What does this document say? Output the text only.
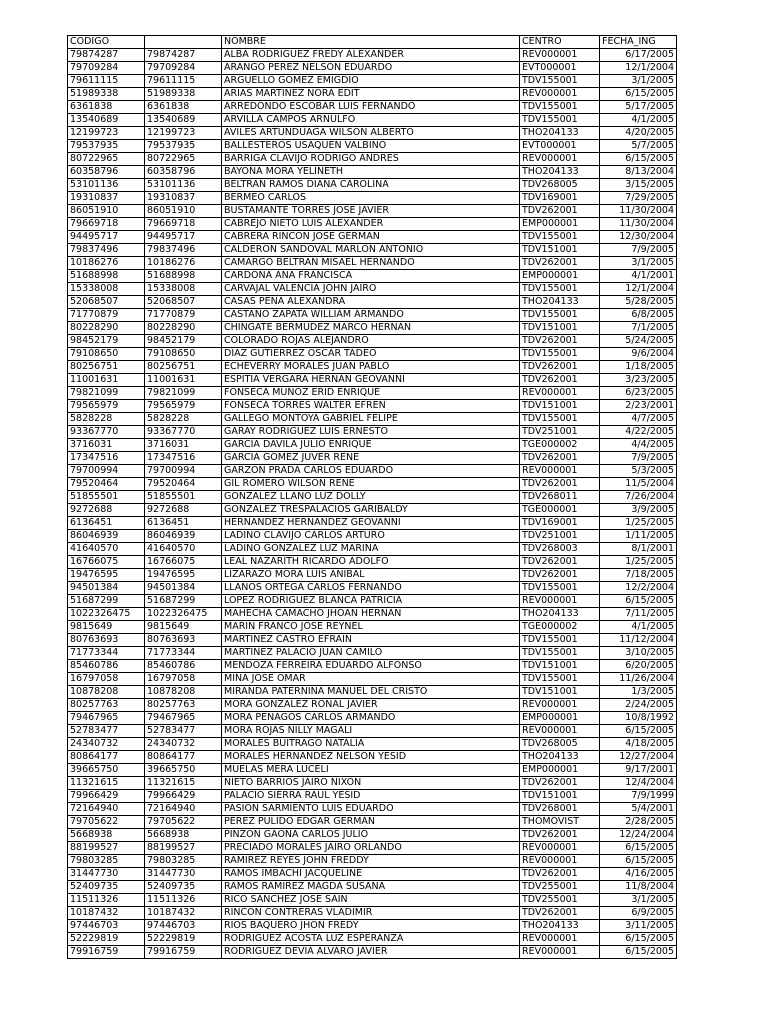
CODIGO		NOMBRE	CENTRO	FECHA_ING
79874287	79874287	ALBA RODRIGUEZ FREDY ALEXANDER	REV000001	6/17/2005
79709284	79709284	ARANGO PEREZ NELSON EDUARDO	EVT000001	12/1/2004
79611115	79611115	ARGUELLO GOMEZ EMIGDIO	TDV155001	3/1/2005
51989338	51989338	ARIAS MARTINEZ NORA EDIT	REV000001	6/15/2005
6361838	6361838	ARREDONDO ESCOBAR LUIS FERNANDO	TDV155001	5/17/2005
13540689	13540689	ARVILLA CAMPOS ARNULFO	TDV155001	4/1/2005
12199723	12199723	AVILES ARTUNDUAGA WILSON ALBERTO	THO204133	4/20/2005
79537935	79537935	BALLESTEROS USAQUEN VALBINO	EVT000001	5/7/2005
80722965	80722965	BARRIGA CLAVIJO RODRIGO ANDRES	REV000001	6/15/2005
60358796	60358796	BAYONA MORA YELINETH	THO204133	8/13/2004
53101136	53101136	BELTRAN RAMOS DIANA CAROLINA	TDV268005	3/15/2005
19310837	19310837	BERMEO CARLOS	TDV169001	7/29/2005
86051910	86051910	BUSTAMANTE TORRES JOSE JAVIER	TDV262001	11/30/2004
79669718	79669718	CABREJO NIETO LUIS ALEXANDER	EMP000001	11/30/2004
94495717	94495717	CABRERA RINCON JOSE GERMAN	TDV155001	12/30/2004
79837496	79837496	CALDERON SANDOVAL MARLON ANTONIO	TDV151001	7/9/2005
10186276	10186276	CAMARGO BELTRAN MISAEL HERNANDO	TDV262001	3/1/2005
51688998	51688998	CARDONA ANA FRANCISCA	EMP000001	4/1/2001
15338008	15338008	CARVAJAL VALENCIA JOHN JAIRO	TDV155001	12/1/2004
52068507	52068507	CASAS PEÑA ALEXANDRA	THO204133	5/28/2005
71770879	71770879	CASTAÑO ZAPATA WILLIAM ARMANDO	TDV155001	6/8/2005
80228290	80228290	CHINGATE BERMUDEZ MARCO HERNAN	TDV151001	7/1/2005
98452179	98452179	COLORADO ROJAS ALEJANDRO	TDV262001	5/24/2005
79108650	79108650	DIAZ GUTIERREZ OSCAR TADEO	TDV155001	9/6/2004
80256751	80256751	ECHEVERRY MORALES JUAN PABLO	TDV262001	1/18/2005
11001631	11001631	ESPITIA VERGARA HERNAN GEOVANNI	TDV262001	3/23/2005
79821099	79821099	FONSECA MUÑOZ ERID ENRIQUE	REV000001	6/23/2005
79565979	79565979	FONSECA TORRES WALTER EFREN	TDV151001	2/23/2001
5828228	5828228	GALLEGO MONTOYA GABRIEL FELIPE	TDV155001	4/7/2005
93367770	93367770	GARAY RODRIGUEZ LUIS ERNESTO	TDV251001	4/22/2005
3716031	3716031	GARCIA DAVILA JULIO ENRIQUE	TGE000002	4/4/2005
17347516	17347516	GARCIA GOMEZ JUVER RENE	TDV262001	7/9/2005
79700994	79700994	GARZON PRADA CARLOS EDUARDO	REV000001	5/3/2005
79520464	79520464	GIL ROMERO WILSON RENE	TDV262001	11/5/2004
51855501	51855501	GONZALEZ LLANO LUZ DOLLY	TDV268011	7/26/2004
9272688	9272688	GONZALEZ TRESPALACIOS GARIBALDY	TGE000001	3/9/2005
6136451	6136451	HERNANDEZ HERNANDEZ GEOVANNI	TDV169001	1/25/2005
86046939	86046939	LADINO CLAVIJO CARLOS ARTURO	TDV251001	1/11/2005
41640570	41640570	LADINO GONZALEZ LUZ MARINA	TDV268003	8/1/2001
16766075	16766075	LEAL NAZARITH RICARDO ADOLFO	TDV262001	1/25/2005
19476595	19476595	LIZARAZO MORA LUIS ANIBAL	TDV262001	7/18/2005
94501384	94501384	LLANOS ORTEGA CARLOS FERNANDO	TDV155001	12/2/2004
51687299	51687299	LOPEZ RODRIGUEZ BLANCA PATRICIA	REV000001	6/15/2005
1022326475	1022326475	MAHECHA CAMACHO JHOAN HERNAN	THO204133	7/11/2005
9815649	9815649	MARIN FRANCO JOSE REYNEL	TGE000002	4/1/2005
80763693	80763693	MARTINEZ CASTRO EFRAIN	TDV155001	11/12/2004
71773344	71773344	MARTINEZ PALACIO JUAN CAMILO	TDV155001	3/10/2005
85460786	85460786	MENDOZA FERREIRA EDUARDO ALFONSO	TDV151001	6/20/2005
16797058	16797058	MINA JOSE OMAR	TDV155001	11/26/2004
10878208	10878208	MIRANDA PATERNINA MANUEL DEL CRISTO	TDV151001	1/3/2005
80257763	80257763	MORA GONZALEZ RONAL JAVIER	REV000001	2/24/2005
79467965	79467965	MORA PENAGOS CARLOS ARMANDO	EMP000001	10/8/1992
52783477	52783477	MORA ROJAS NILLY MAGALI	REV000001	6/15/2005
24340732	24340732	MORALES BUITRAGO NATALIA	TDV268005	4/18/2005
80864177	80864177	MORALES HERNANDEZ NELSON YESID	THO204133	12/27/2004
39665750	39665750	MUELAS MERA LUCELI	EMP000001	9/17/2001
11321615	11321615	NIETO BARRIOS JAIRO NIXON	TDV262001	12/4/2004
79966429	79966429	PALACIO SIERRA RAUL YESID	TDV151001	7/9/1999
72164940	72164940	PASION SARMIENTO LUIS EDUARDO	TDV268001	5/4/2001
79705622	79705622	PEREZ PULIDO EDGAR GERMAN	THOMOVIST	2/28/2005
5668938	5668938	PINZON GAONA CARLOS JULIO	TDV262001	12/24/2004
88199527	88199527	PRECIADO MORALES JAIRO ORLANDO	REV000001	6/15/2005
79803285	79803285	RAMIREZ REYES JOHN FREDDY	REV000001	6/15/2005
31447730	31447730	RAMOS IMBACHI JACQUELINE	TDV262001	4/16/2005
52409735	52409735	RAMOS RAMIREZ MAGDA SUSANA	TDV255001	11/8/2004
11511326	11511326	RICO SANCHEZ JOSE SAIN	TDV255001	3/1/2005
10187432	10187432	RINCON CONTRERAS VLADIMIR	TDV262001	6/9/2005
97446703	97446703	RIOS BAQUERO JHON FREDY	THO204133	3/11/2005
52229819	52229819	RODRIGUEZ ACOSTA LUZ ESPERANZA	REV000001	6/15/2005
79916759	79916759	RODRIGUEZ DEVIA ALVARO JAVIER	REV000001	6/15/2005
